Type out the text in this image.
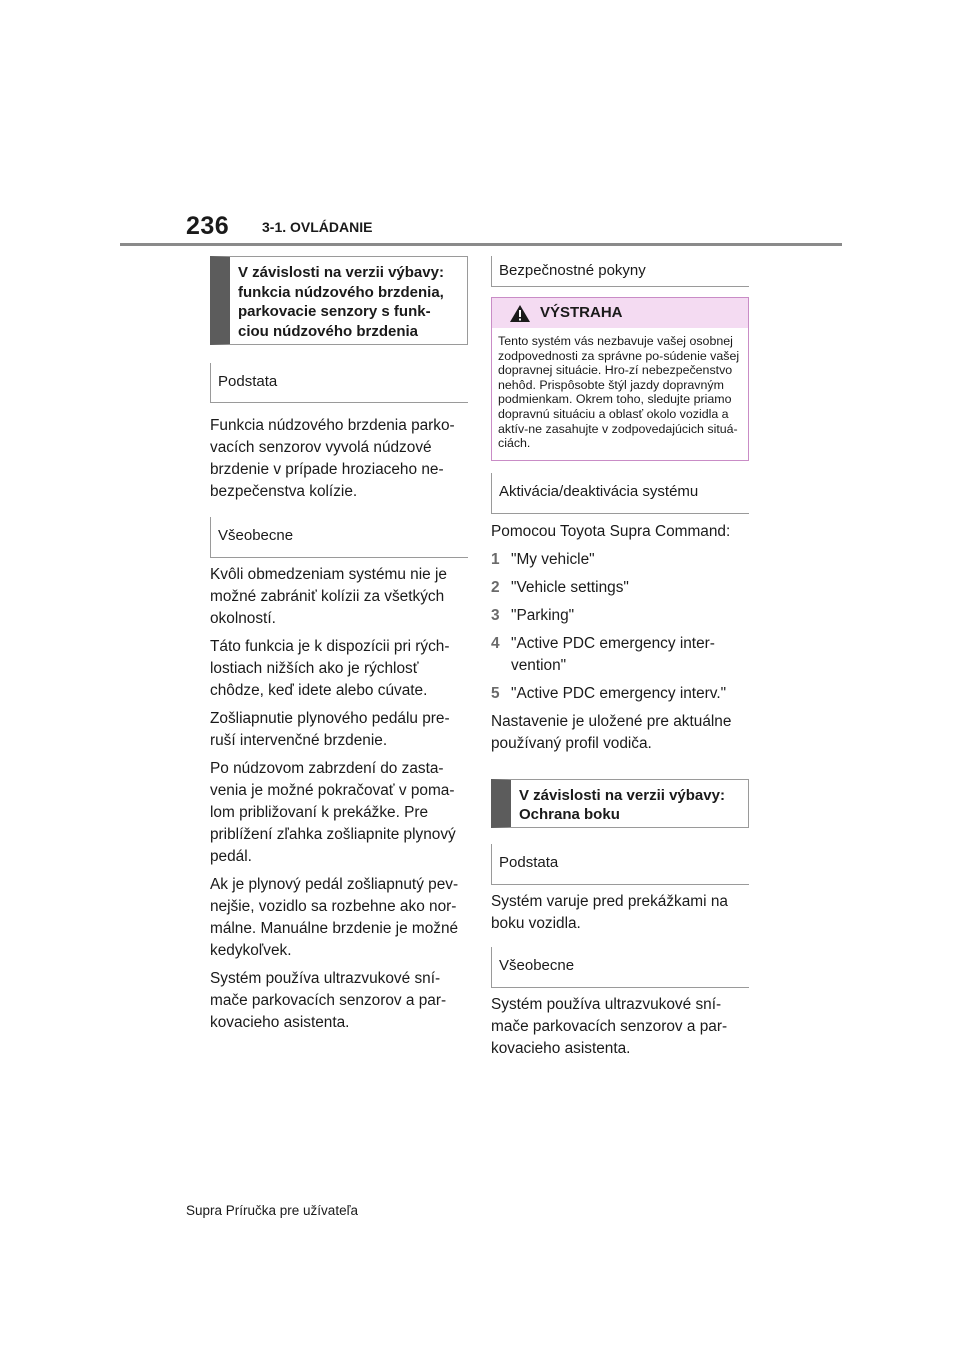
236 3-1. OVLÁDANIE
V závislosti na verzii výbavy: funkcia núdzového brzdenia, parkovacie senzory s funk-ciou núdzového brzdenia
Podstata

Funkcia núdzového brzdenia parko-vacích senzorov vyvolá núdzové brzdenie v prípade hroziaceho ne-bezpečenstva kolízie.

Všeobecne

Kvôli obmedzeniam systému nie je možné zabrániť kolízii za všetkých okolností.

Táto funkcia je k dispozícii pri rých-lostiach nižších ako je rýchlosť chôdze, keď idete alebo cúvate.

Zošliapnutie plynového pedálu pre-ruší intervenčné brzdenie.

Po núdzovom zabrzdení do zasta-venia je možné pokračovať v poma-lom približovaní k prekážke. Pre priblížení zľahka zošliapnite plynový pedál.

Ak je plynový pedál zošliapnutý pev-nejšie, vozidlo sa rozbehne ako nor-málne. Manuálne brzdenie je možné kedykoľvek.

Systém používa ultrazvukové sní-mače parkovacích senzorov a par-kovacieho asistenta.

Bezpečnostné pokyny
VÝSTRAHA
Tento systém vás nezbavuje vašej osobnej zodpovednosti za správne po-súdenie vašej dopravnej situácie. Hro-zí nebezpečenstvo nehôd. Prispôsobte štýl jazdy dopravným podmienkam. Okrem toho, sledujte priamo dopravnú situáciu a oblasť okolo vozidla a aktív-ne zasahujte v zodpovedajúcich situá-ciách.
Aktivácia/deaktivácia systému

Pomocou Toyota Supra Command:

1 "My vehicle"
2 "Vehicle settings"
3 "Parking"
4 "Active PDC emergency inter-vention"
5 "Active PDC emergency interv."

Nastavenie je uložené pre aktuálne používaný profil vodiča.

V závislosti na verzii výbavy: Ochrana boku
Podstata

Systém varuje pred prekážkami na boku vozidla.

Všeobecne

Systém používa ultrazvukové sní-mače parkovacích senzorov a par-kovacieho asistenta.

Supra Príručka pre užívateľa
